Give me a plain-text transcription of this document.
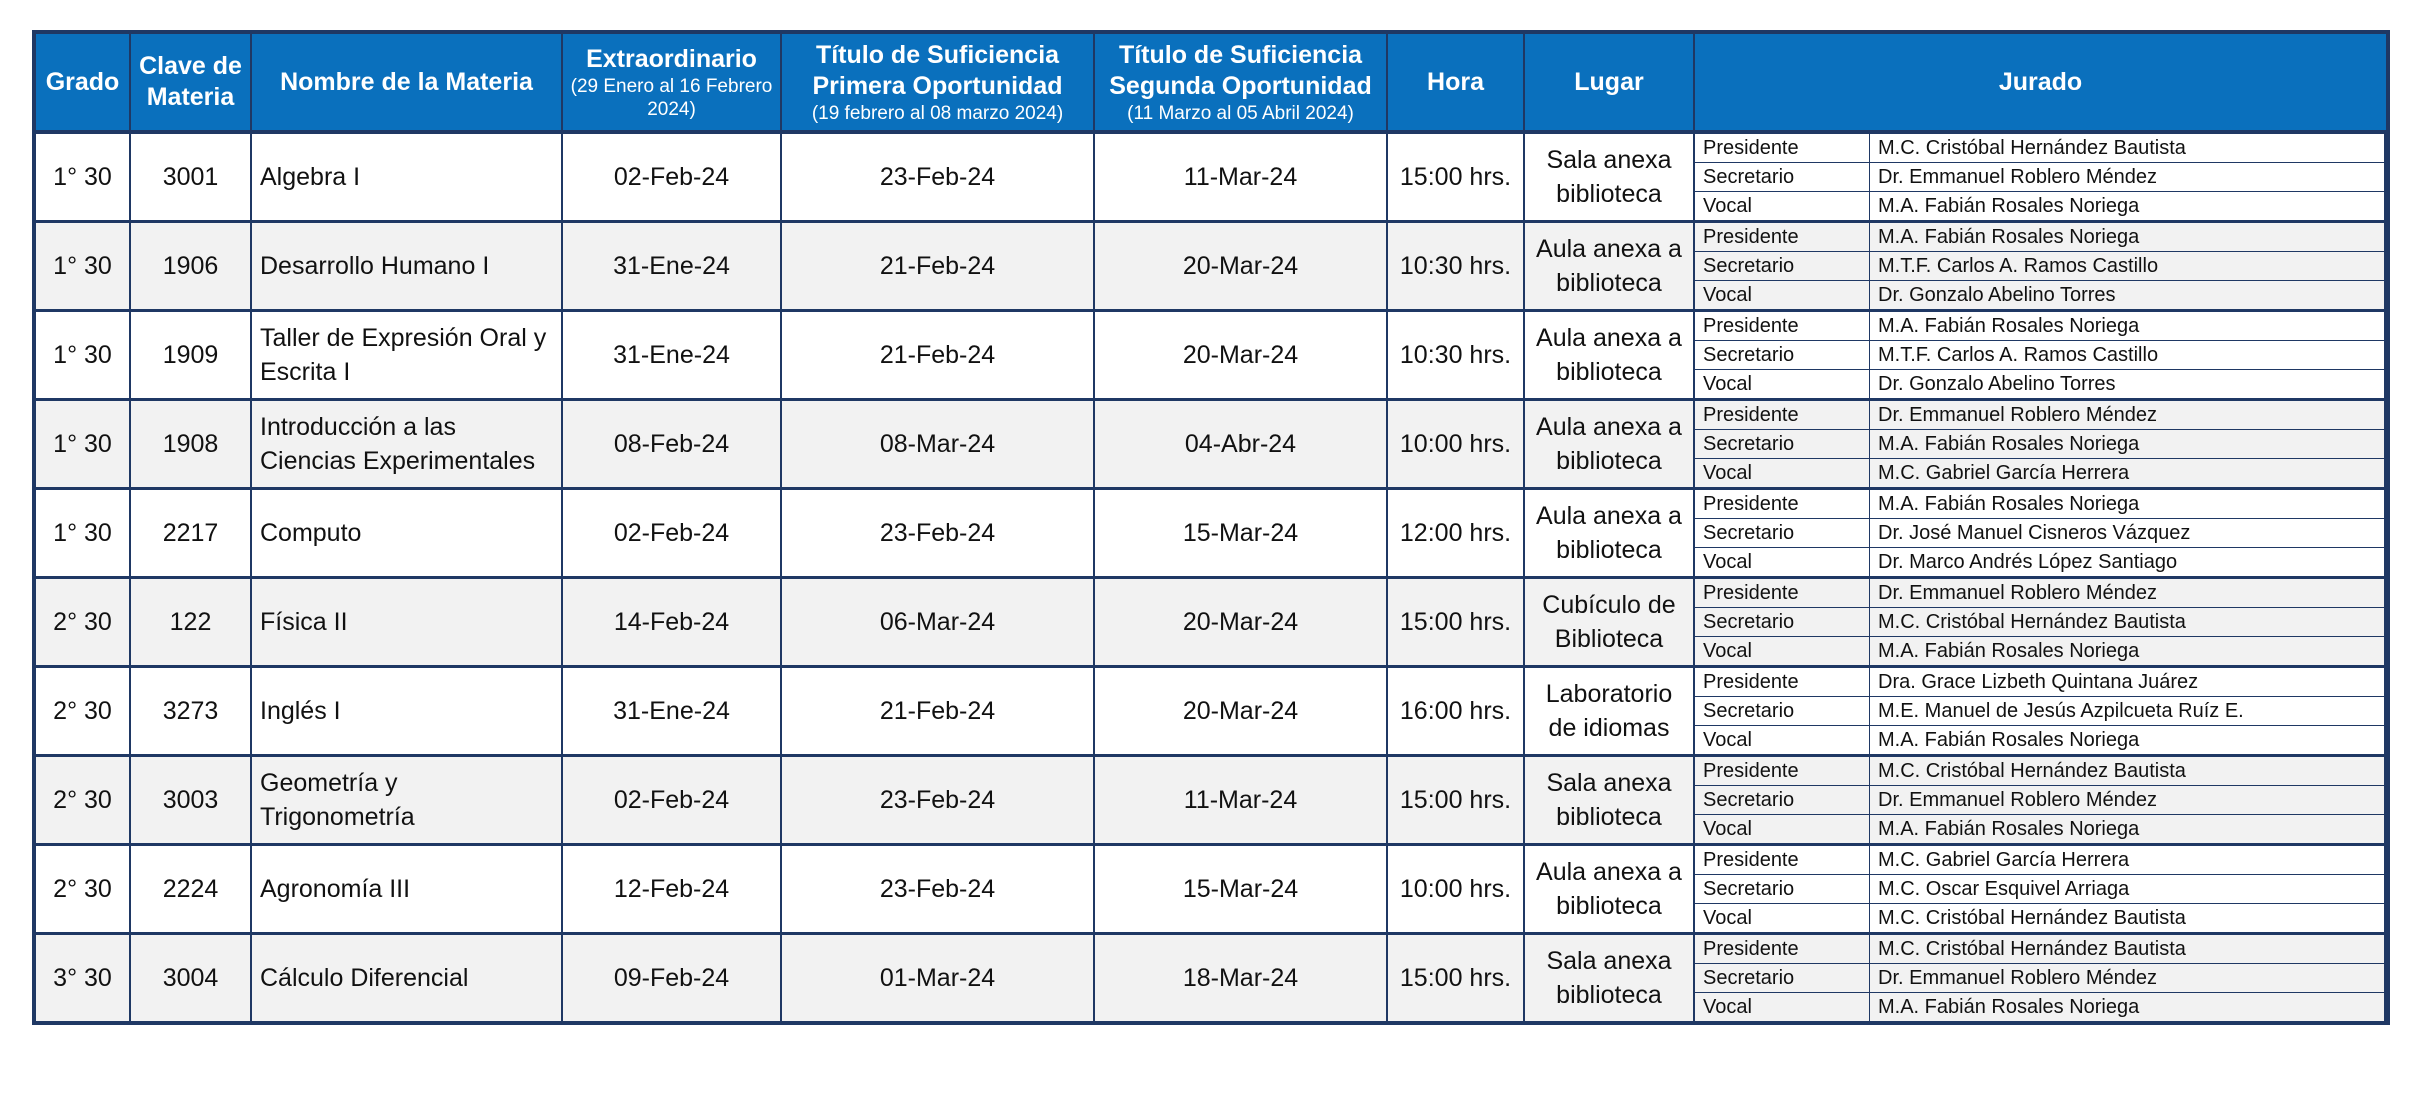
Grado	Clave de Materia	Nombre de la Materia	Extraordinario
(29 Enero al 16 Febrero 2024)
	Título de Suficiencia Primera Oportunidad
(19 febrero al 08 marzo 2024)
	Título de Suficiencia Segunda Oportunidad
(11 Marzo al 05 Abril 2024)
	Hora	Lugar	Jurado
1° 30	3001	Algebra I	02-Feb-24	23-Feb-24	11-Mar-24	15:00 hrs.	Sala anexa biblioteca	
Presidente	M.C. Cristóbal Hernández Bautista
Secretario	Dr. Emmanuel Roblero Méndez
Vocal	M.A. Fabián Rosales Noriega

1° 30	1906	Desarrollo Humano I	31-Ene-24	21-Feb-24	20-Mar-24	10:30 hrs.	Aula anexa a biblioteca	
Presidente	M.A. Fabián Rosales Noriega
Secretario	M.T.F. Carlos A. Ramos Castillo
Vocal	Dr. Gonzalo Abelino Torres

1° 30	1909	Taller de Expresión Oral y Escrita I	31-Ene-24	21-Feb-24	20-Mar-24	10:30 hrs.	Aula anexa a biblioteca	
Presidente	M.A. Fabián Rosales Noriega
Secretario	M.T.F. Carlos A. Ramos Castillo
Vocal	Dr. Gonzalo Abelino Torres

1° 30	1908	Introducción a las Ciencias Experimentales	08-Feb-24	08-Mar-24	04-Abr-24	10:00 hrs.	Aula anexa a biblioteca	
Presidente	Dr. Emmanuel Roblero Méndez
Secretario	M.A. Fabián Rosales Noriega
Vocal	M.C. Gabriel García Herrera

1° 30	2217	Computo	02-Feb-24	23-Feb-24	15-Mar-24	12:00 hrs.	Aula anexa a biblioteca	
Presidente	M.A. Fabián Rosales Noriega
Secretario	Dr. José Manuel Cisneros Vázquez
Vocal	Dr. Marco Andrés López Santiago

2° 30	122	Física II	14-Feb-24	06-Mar-24	20-Mar-24	15:00 hrs.	Cubículo de Biblioteca	
Presidente	Dr. Emmanuel Roblero Méndez
Secretario	M.C. Cristóbal Hernández Bautista
Vocal	M.A. Fabián Rosales Noriega

2° 30	3273	Inglés I	31-Ene-24	21-Feb-24	20-Mar-24	16:00 hrs.	Laboratorio de idiomas	
Presidente	Dra. Grace Lizbeth Quintana Juárez
Secretario	M.E. Manuel de Jesús Azpilcueta Ruíz E.
Vocal	M.A. Fabián Rosales Noriega

2° 30	3003	Geometría y Trigonometría	02-Feb-24	23-Feb-24	11-Mar-24	15:00 hrs.	Sala anexa biblioteca	
Presidente	M.C. Cristóbal Hernández Bautista
Secretario	Dr. Emmanuel Roblero Méndez
Vocal	M.A. Fabián Rosales Noriega

2° 30	2224	Agronomía III	12-Feb-24	23-Feb-24	15-Mar-24	10:00 hrs.	Aula anexa a biblioteca	
Presidente	M.C. Gabriel García Herrera
Secretario	M.C. Oscar Esquivel Arriaga
Vocal	M.C. Cristóbal Hernández Bautista

3° 30	3004	Cálculo Diferencial	09-Feb-24	01-Mar-24	18-Mar-24	15:00 hrs.	Sala anexa biblioteca	
Presidente	M.C. Cristóbal Hernández Bautista
Secretario	Dr. Emmanuel Roblero Méndez
Vocal	M.A. Fabián Rosales Noriega
